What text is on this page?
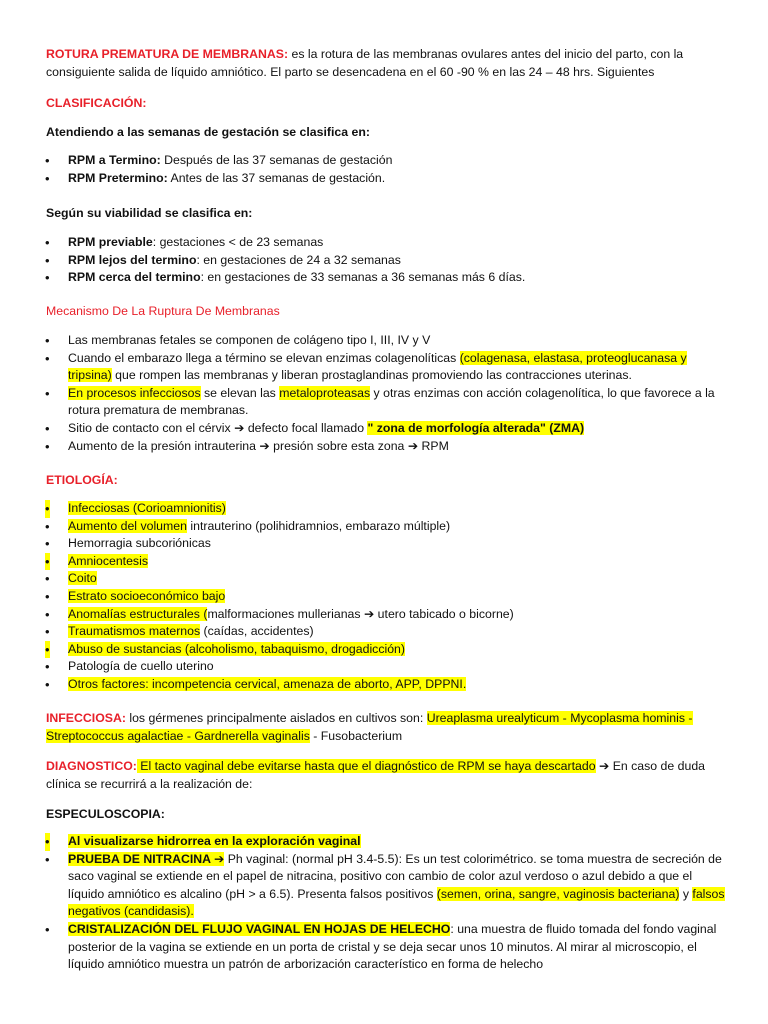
ROTURA PREMATURA DE MEMBRANAS: es la rotura de las membranas ovulares antes del inicio del parto, con la consiguiente salida de líquido amniótico. El parto se desencadena en el 60 -90 % en las 24 – 48 hrs. Siguientes
CLASIFICACIÓN:
Atendiendo a las semanas de gestación se clasifica en:
• RPM a Termino: Después de las 37 semanas de gestación
• RPM Pretermino: Antes de las 37 semanas de gestación.
Según su viabilidad se clasifica en:
• RPM previable: gestaciones < de 23 semanas
• RPM lejos del termino: en gestaciones de 24 a 32 semanas
• RPM cerca del termino: en gestaciones de 33 semanas a 36 semanas más 6 días.
Mecanismo De La Ruptura De Membranas
• Las membranas fetales se componen de colágeno tipo I, III, IV y V
• Cuando el embarazo llega a término se elevan enzimas colagenolíticas (colagenasa, elastasa, proteoglucanasa y tripsina) que rompen las membranas y liberan prostaglandinas promoviendo las contracciones uterinas.
• En procesos infecciosos se elevan las metaloproteasas y otras enzimas con acción colagenolítica, lo que favorece a la rotura prematura de membranas.
• Sitio de contacto con el cérvix ➔ defecto focal llamado " zona de morfología alterada" (ZMA)
• Aumento de la presión intrauterina ➔ presión sobre esta zona ➔ RPM
ETIOLOGÍA:
• Infecciosas (Corioamnionitis)
• Aumento del volumen intrauterino (polihidramnios, embarazo múltiple)
• Hemorragia subcoriónicas
• Amniocentesis
• Coito
• Estrato socioeconómico bajo
• Anomalías estructurales (malformaciones mullerianas ➔ utero tabicado o bicorne)
• Traumatismos maternos (caídas, accidentes)
• Abuso de sustancias (alcoholismo, tabaquismo, drogadicción)
• Patología de cuello uterino
• Otros factores: incompetencia cervical, amenaza de aborto, APP, DPPNI.
INFECCIOSA: los gérmenes principalmente aislados en cultivos son: Ureaplasma urealyticum - Mycoplasma hominis - Streptococcus agalactiae - Gardnerella vaginalis - Fusobacterium
DIAGNOSTICO: El tacto vaginal debe evitarse hasta que el diagnóstico de RPM se haya descartado ➔ En caso de duda clínica se recurrirá a la realización de:
ESPECULOSCOPIA:
• Al visualizarse hidrorrea en la exploración vaginal
• PRUEBA DE NITRACINA ➔ Ph vaginal: (normal pH 3.4-5.5): Es un test colorimétrico. se toma muestra de secreción de saco vaginal se extiende en el papel de nitracina, positivo con cambio de color azul verdoso o azul debido a que el líquido amniótico es alcalino (pH > a 6.5). Presenta falsos positivos (semen, orina, sangre, vaginosis bacteriana) y falsos negativos (candidasis).
• CRISTALIZACIÓN DEL FLUJO VAGINAL EN HOJAS DE HELECHO: una muestra de fluido tomada del fondo vaginal posterior de la vagina se extiende en un porta de cristal y se deja secar unos 10 minutos. Al mirar al microscopio, el líquido amniótico muestra un patrón de arborización característico en forma de helecho
